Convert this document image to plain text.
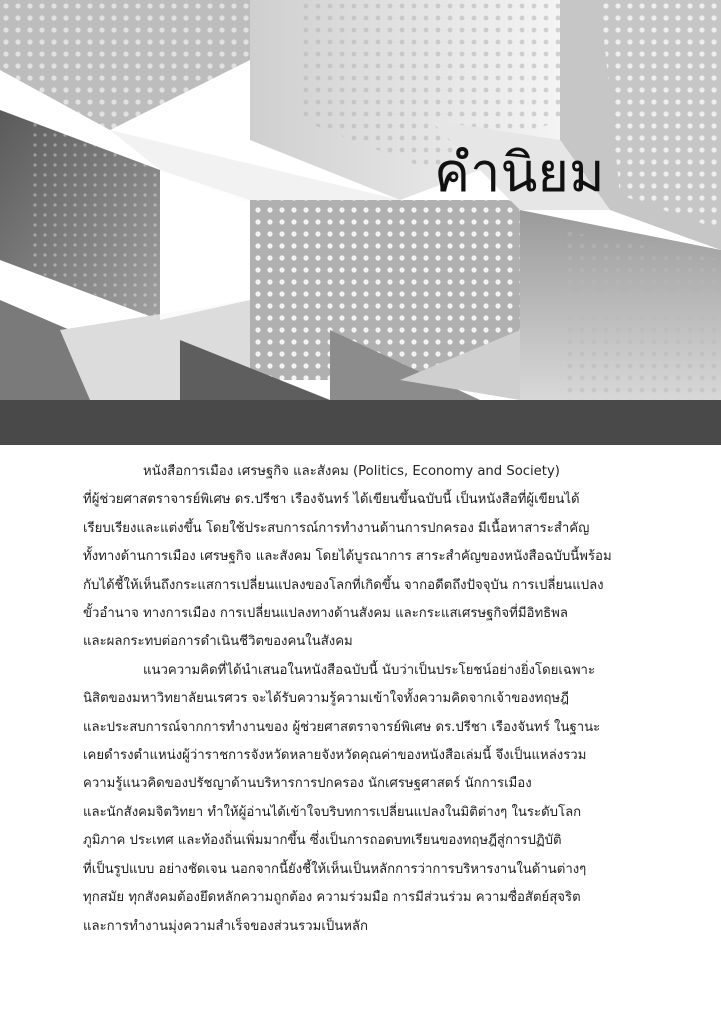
คำนิยม

หนังสือการเมือง เศรษฐกิจ และสังคม (Politics, Economy and Society)
ที่ผู้ช่วยศาสตราจารย์พิเศษ ดร.ปรีชา เรืองจันทร์ ได้เขียนขึ้นฉบับนี้ เป็นหนังสือที่ผู้เขียนได้
เรียบเรียงและแต่งขึ้น โดยใช้ประสบการณ์การทำงานด้านการปกครอง มีเนื้อหาสาระสำคัญ
ทั้งทางด้านการเมือง เศรษฐกิจ และสังคม โดยได้บูรณาการ สาระสำคัญของหนังสือฉบับนี้พร้อม
กับได้ชี้ให้เห็นถึงกระแสการเปลี่ยนแปลงของโลกที่เกิดขึ้น จากอดีตถึงปัจจุบัน การเปลี่ยนแปลง
ขั้วอำนาจ ทางการเมือง การเปลี่ยนแปลงทางด้านสังคม และกระแสเศรษฐกิจที่มีอิทธิพล
และผลกระทบต่อการดำเนินชีวิตของคนในสังคม

แนวความคิดที่ได้นำเสนอในหนังสือฉบับนี้ นับว่าเป็นประโยชน์อย่างยิ่งโดยเฉพาะ
นิสิตของมหาวิทยาลัยนเรศวร จะได้รับความรู้ความเข้าใจทั้งความคิดจากเจ้าของทฤษฎี
และประสบการณ์จากการทำงานของ ผู้ช่วยศาสตราจารย์พิเศษ ดร.ปรีชา เรืองจันทร์ ในฐานะ
เคยดำรงตำแหน่งผู้ว่าราชการจังหวัดหลายจังหวัดคุณค่าของหนังสือเล่มนี้ จึงเป็นแหล่งรวม
ความรู้แนวคิดของปรัชญาด้านบริหารการปกครอง นักเศรษฐศาสตร์ นักการเมือง
และนักสังคมจิตวิทยา ทำให้ผู้อ่านได้เข้าใจบริบทการเปลี่ยนแปลงในมิติต่างๆ ในระดับโลก
ภูมิภาค ประเทศ และท้องถิ่นเพิ่มมากขึ้น ซึ่งเป็นการถอดบทเรียนของทฤษฎีสู่การปฏิบัติ
ที่เป็นรูปแบบ อย่างชัดเจน นอกจากนี้ยังชี้ให้เห็นเป็นหลักการว่าการบริหารงานในด้านต่างๆ
ทุกสมัย ทุกสังคมต้องยึดหลักความถูกต้อง ความร่วมมือ การมีส่วนร่วม ความซื่อสัตย์สุจริต
และการทำงานมุ่งความสำเร็จของส่วนรวมเป็นหลัก
